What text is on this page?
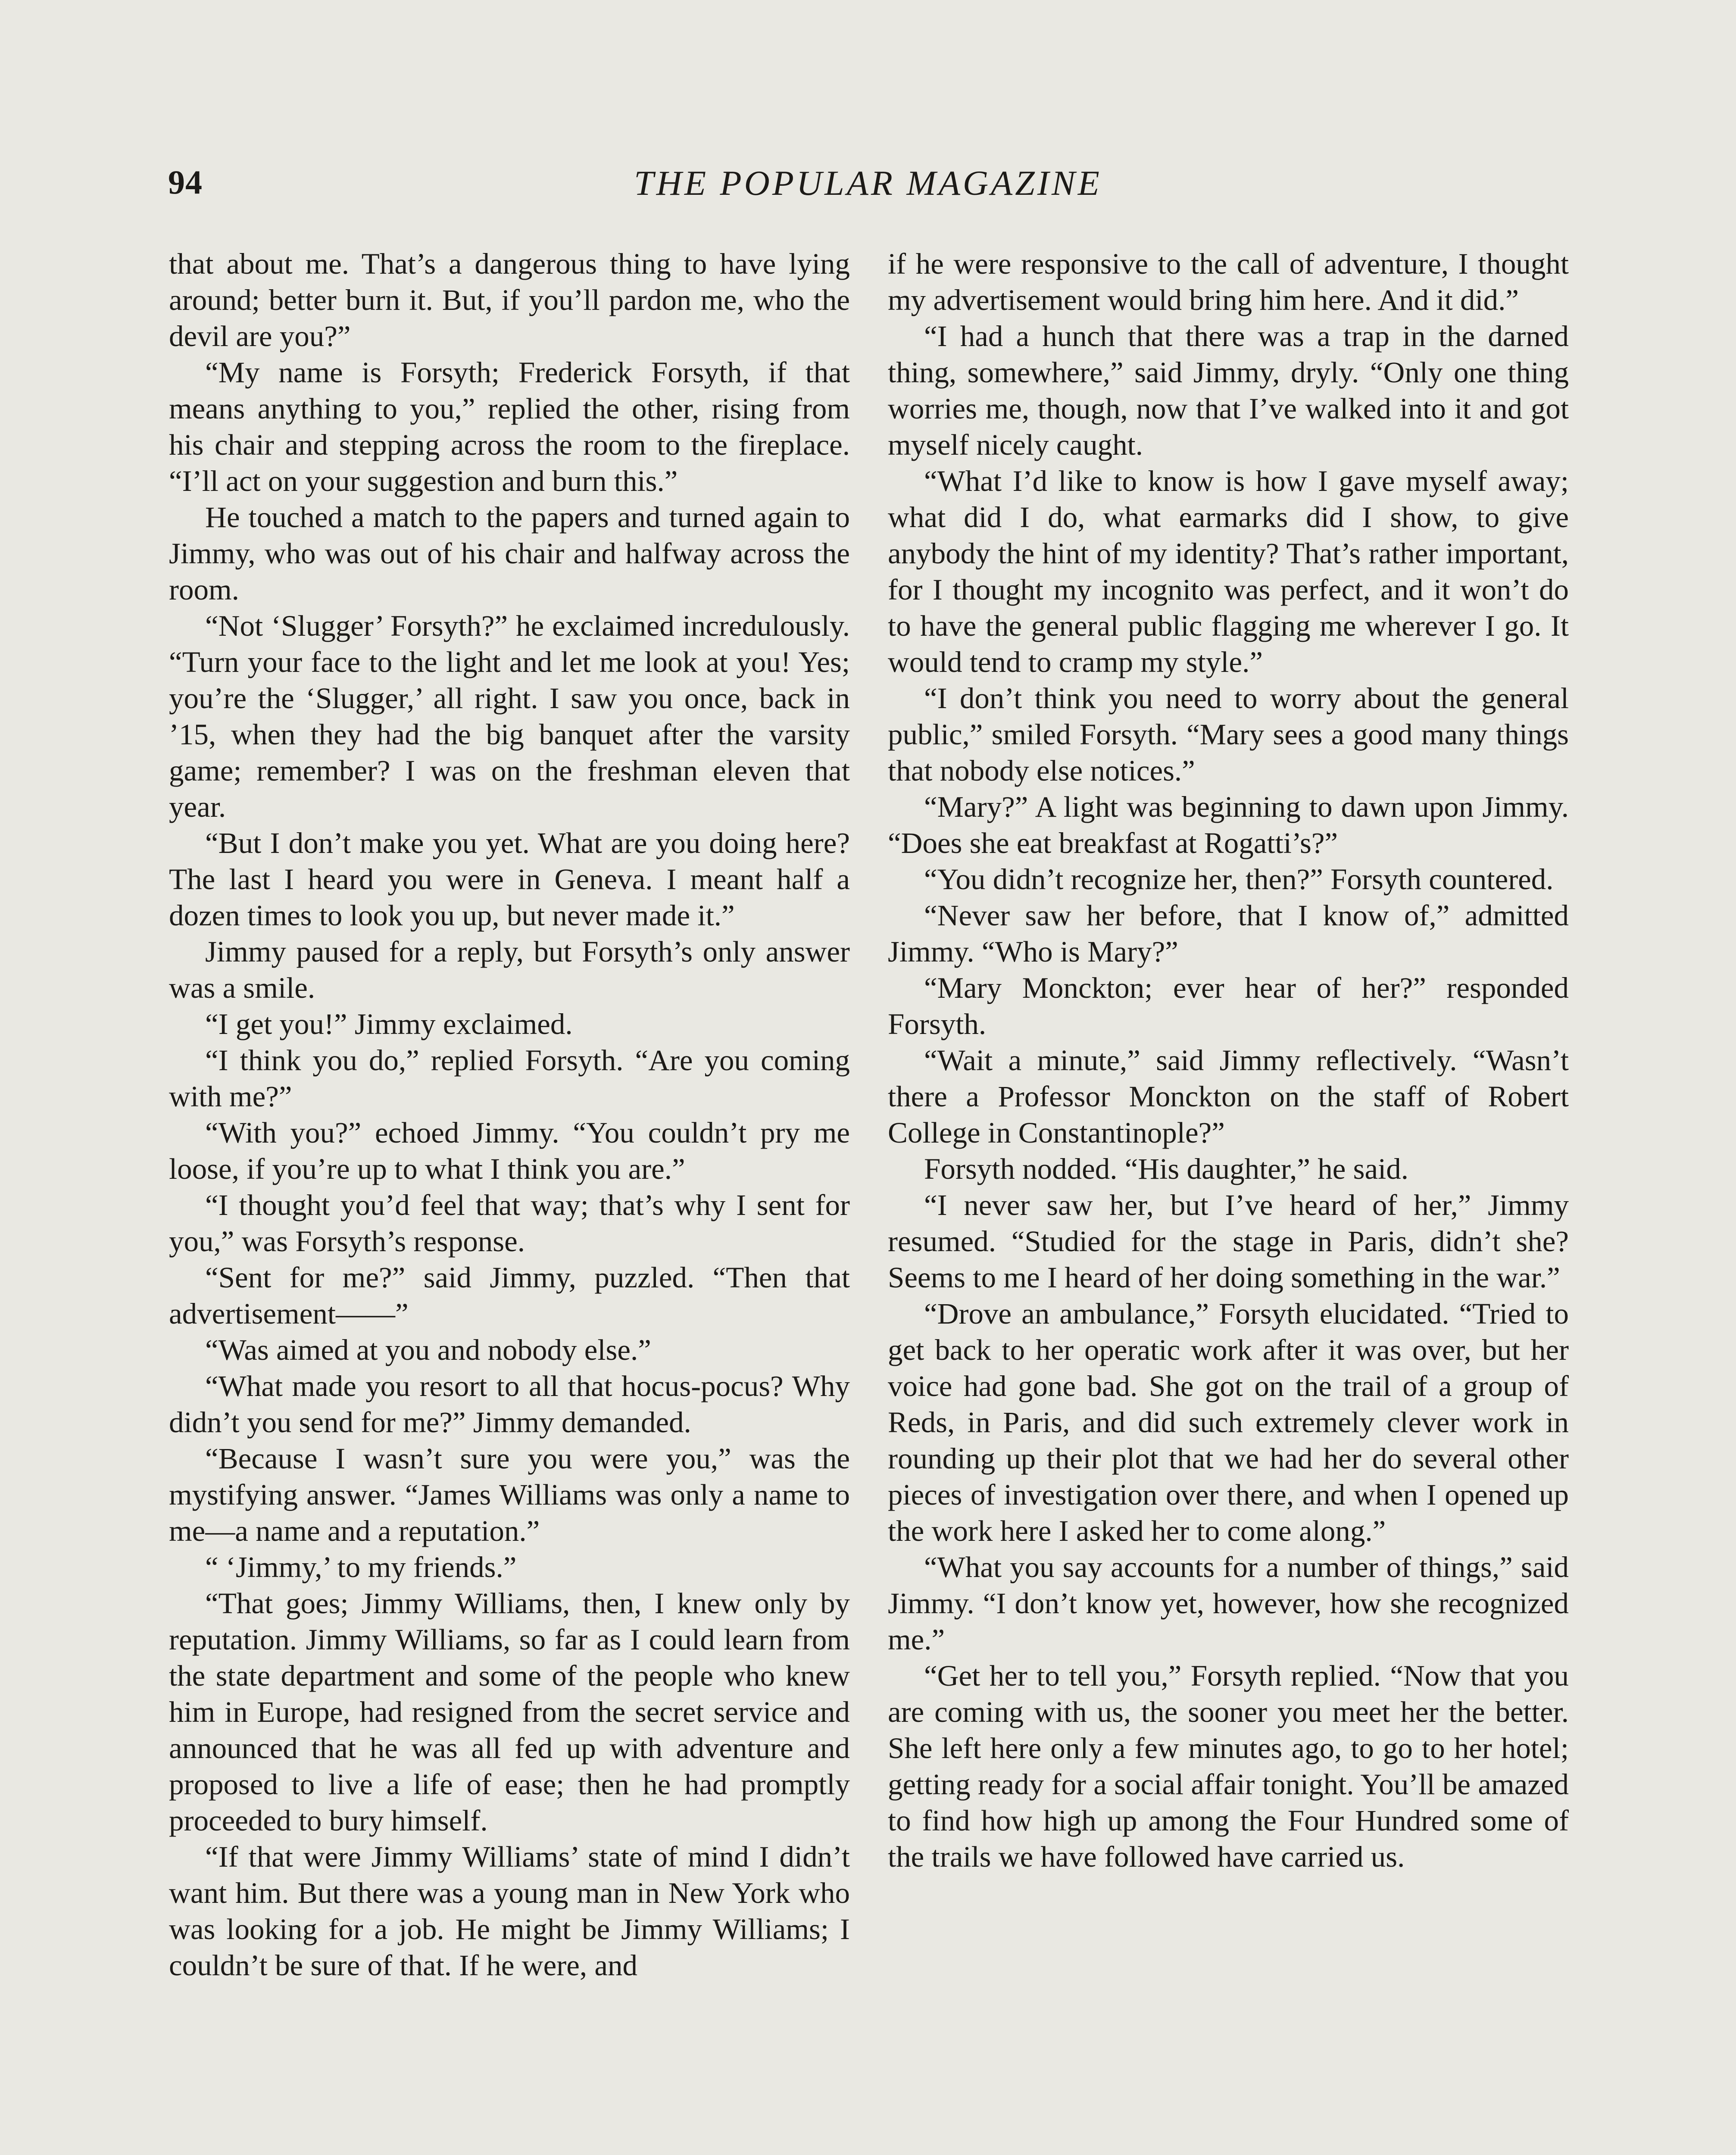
94	THE POPULAR MAGAZINE

that about me. That’s a dangerous thing to have lying around; better burn it. But, if you’ll pardon me, who the devil are you?”

“My name is Forsyth; Frederick Forsyth, if that means anything to you,” replied the other, rising from his chair and stepping across the room to the fireplace. “I’ll act on your suggestion and burn this.”

He touched a match to the papers and turned again to Jimmy, who was out of his chair and halfway across the room.

“Not ‘Slugger’ Forsyth?” he exclaimed incredulously. “Turn your face to the light and let me look at you! Yes; you’re the ‘Slugger,’ all right. I saw you once, back in ’15, when they had the big banquet after the varsity game; remember? I was on the freshman eleven that year.

“But I don’t make you yet. What are you doing here? The last I heard you were in Geneva. I meant half a dozen times to look you up, but never made it.”

Jimmy paused for a reply, but Forsyth’s only answer was a smile.

“I get you!” Jimmy exclaimed.

“I think you do,” replied Forsyth. “Are you coming with me?”

“With you?” echoed Jimmy. “You couldn’t pry me loose, if you’re up to what I think you are.”

“I thought you’d feel that way; that’s why I sent for you,” was Forsyth’s response.

“Sent for me?” said Jimmy, puzzled. “Then that advertisement——”

“Was aimed at you and nobody else.”

“What made you resort to all that hocus-pocus? Why didn’t you send for me?” Jimmy demanded.

“Because I wasn’t sure you were you,” was the mystifying answer. “James Williams was only a name to me—a name and a reputation.”

“ ‘Jimmy,’ to my friends.”

“That goes; Jimmy Williams, then, I knew only by reputation. Jimmy Williams, so far as I could learn from the state department and some of the people who knew him in Europe, had resigned from the secret service and announced that he was all fed up with adventure and proposed to live a life of ease; then he had promptly proceeded to bury himself.

“If that were Jimmy Williams’ state of mind I didn’t want him. But there was a young man in New York who was looking for a job. He might be Jimmy Williams; I couldn’t be sure of that. If he were, and

if he were responsive to the call of adventure, I thought my advertisement would bring him here. And it did.”

“I had a hunch that there was a trap in the darned thing, somewhere,” said Jimmy, dryly. “Only one thing worries me, though, now that I’ve walked into it and got myself nicely caught.

“What I’d like to know is how I gave myself away; what did I do, what earmarks did I show, to give anybody the hint of my identity? That’s rather important, for I thought my incognito was perfect, and it won’t do to have the general public flagging me wherever I go. It would tend to cramp my style.”

“I don’t think you need to worry about the general public,” smiled Forsyth. “Mary sees a good many things that nobody else notices.”

“Mary?” A light was beginning to dawn upon Jimmy. “Does she eat breakfast at Rogatti’s?”

“You didn’t recognize her, then?” Forsyth countered.

“Never saw her before, that I know of,” admitted Jimmy. “Who is Mary?”

“Mary Monckton; ever hear of her?” responded Forsyth.

“Wait a minute,” said Jimmy reflectively. “Wasn’t there a Professor Monckton on the staff of Robert College in Constantinople?”

Forsyth nodded. “His daughter,” he said.

“I never saw her, but I’ve heard of her,” Jimmy resumed. “Studied for the stage in Paris, didn’t she? Seems to me I heard of her doing something in the war.”

“Drove an ambulance,” Forsyth elucidated. “Tried to get back to her operatic work after it was over, but her voice had gone bad. She got on the trail of a group of Reds, in Paris, and did such extremely clever work in rounding up their plot that we had her do several other pieces of investigation over there, and when I opened up the work here I asked her to come along.”

“What you say accounts for a number of things,” said Jimmy. “I don’t know yet, however, how she recognized me.”

“Get her to tell you,” Forsyth replied. “Now that you are coming with us, the sooner you meet her the better. She left here only a few minutes ago, to go to her hotel; getting ready for a social affair tonight. You’ll be amazed to find how high up among the Four Hundred some of the trails we have followed have carried us.
